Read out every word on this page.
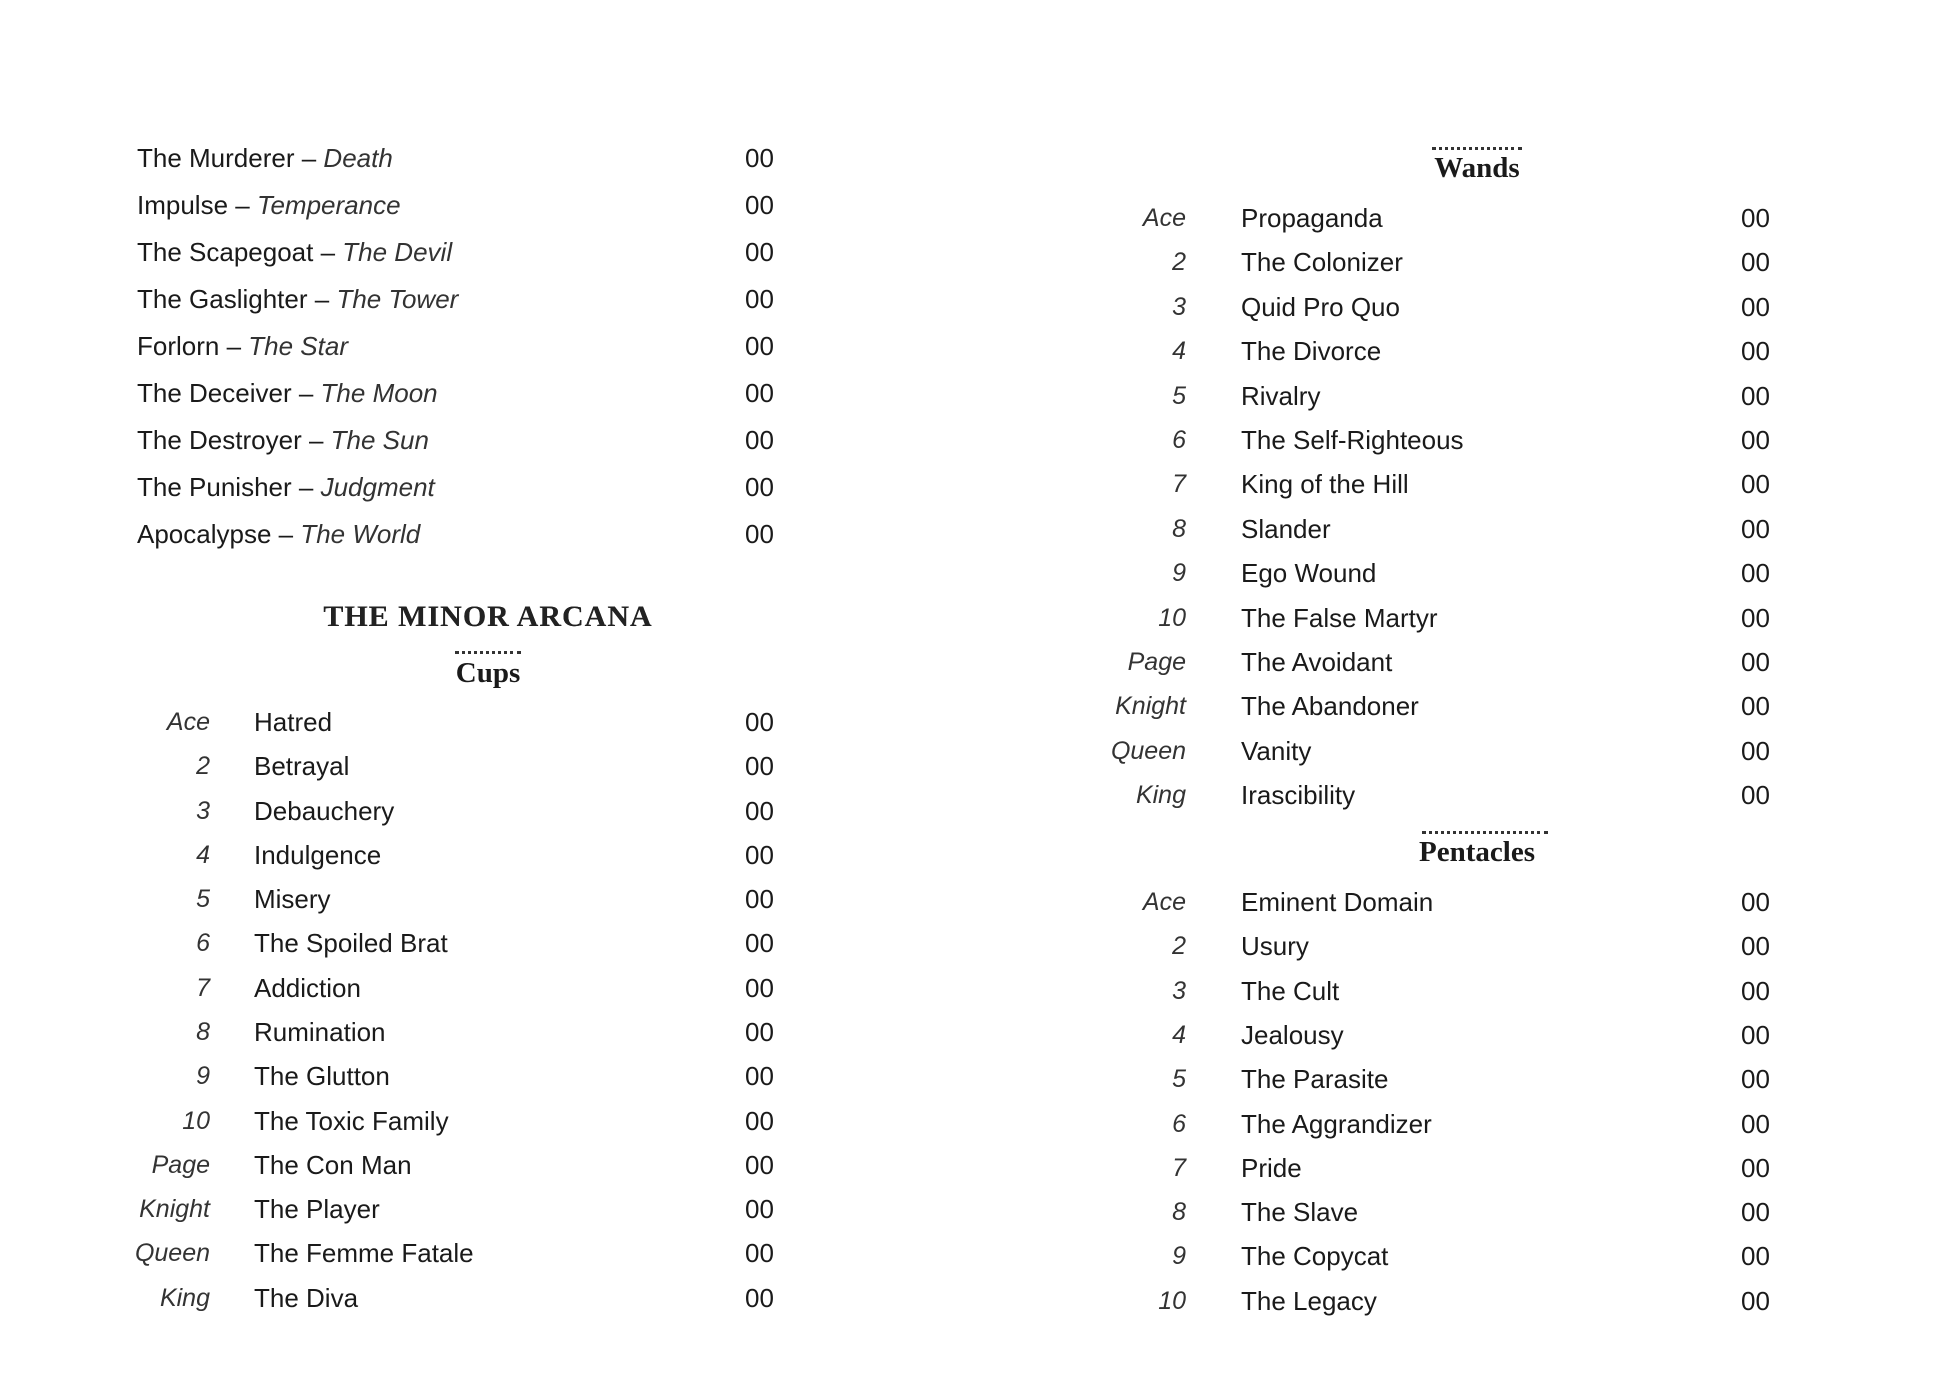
The Murderer – Death	00
Impulse – Temperance	00
The Scapegoat – The Devil	00
The Gaslighter – The Tower	00
Forlorn – The Star	00
The Deceiver – The Moon	00
The Destroyer – The Sun	00
The Punisher – Judgment	00
Apocalypse – The World	00
THE MINOR ARCANA
Cups
Ace Hatred	00
2 Betrayal	00
3 Debauchery	00
4 Indulgence	00
5 Misery	00
6 The Spoiled Brat	00
7 Addiction	00
8 Rumination	00
9 The Glutton	00
10 The Toxic Family	00
Page The Con Man	00
Knight The Player	00
Queen The Femme Fatale	00
King The Diva	00
Wands
Ace Propaganda	00
2 The Colonizer	00
3 Quid Pro Quo	00
4 The Divorce	00
5 Rivalry	00
6 The Self-Righteous	00
7 King of the Hill	00
8 Slander	00
9 Ego Wound	00
10 The False Martyr	00
Page The Avoidant	00
Knight The Abandoner	00
Queen Vanity	00
King Irascibility	00
Pentacles
Ace Eminent Domain	00
2 Usury	00
3 The Cult	00
4 Jealousy	00
5 The Parasite	00
6 The Aggrandizer	00
7 Pride	00
8 The Slave	00
9 The Copycat	00
10 The Legacy	00
